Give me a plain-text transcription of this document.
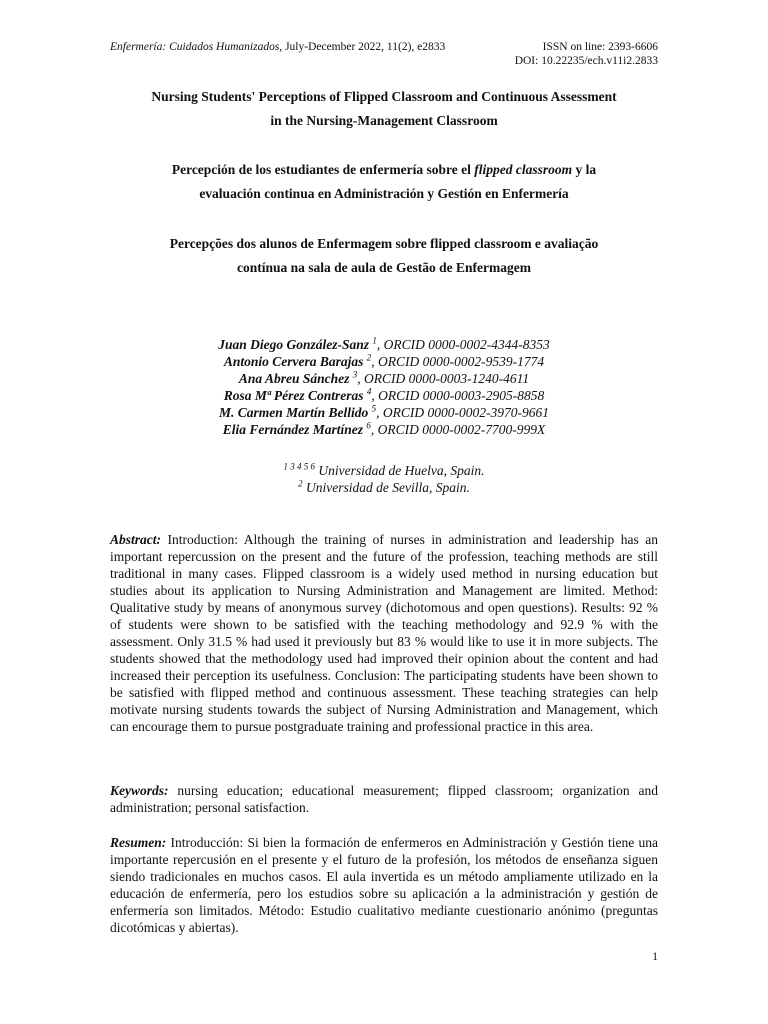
Enfermería: Cuidados Humanizados, July-December 2022, 11(2), e2833	ISSN on line: 2393-6606
DOI: 10.22235/ech.v11i2.2833
Nursing Students' Perceptions of Flipped Classroom and Continuous Assessment
in the Nursing-Management Classroom
Percepción de los estudiantes de enfermería sobre el flipped classroom y la
evaluación continua en Administración y Gestión en Enfermería
Percepções dos alunos de Enfermagem sobre flipped classroom e avaliação
contínua na sala de aula de Gestão de Enfermagem
Juan Diego González-Sanz $^1$, ORCID 0000-0002-4344-8353
Antonio Cervera Barajas $^2$, ORCID 0000-0002-9539-1774
Ana Abreu Sánchez $^3$, ORCID 0000-0003-1240-4611
Rosa Mª Pérez Contreras $^4$, ORCID 0000-0003-2905-8858
M. Carmen Martín Bellido $^5$, ORCID 0000-0002-3970-9661
Elia Fernández Martínez $^6$, ORCID 0000-0002-7700-999X
$^{1 3 4 5 6}$ Universidad de Huelva, Spain.
$^2$ Universidad de Sevilla, Spain.
Abstract: Introduction: Although the training of nurses in administration and leadership has an important repercussion on the present and the future of the profession, teaching methods are still traditional in many cases. Flipped classroom is a widely used method in nursing education but studies about its application to Nursing Administration and Management are limited. Method: Qualitative study by means of anonymous survey (dichotomous and open questions). Results: 92 % of students were shown to be satisfied with the teaching methodology and 92.9 % with the assessment. Only 31.5 % had used it previously but 83 % would like to use it in more subjects. The students showed that the methodology used had improved their opinion about the content and had increased their perception its usefulness. Conclusion: The participating students have been shown to be satisfied with flipped method and continuous assessment. These teaching strategies can help motivate nursing students towards the subject of Nursing Administration and Management, which can encourage them to pursue postgraduate training and professional practice in this area.
Keywords: nursing education; educational measurement; flipped classroom; organization and administration; personal satisfaction.
Resumen: Introducción: Si bien la formación de enfermeros en Administración y Gestión tiene una importante repercusión en el presente y el futuro de la profesión, los métodos de enseñanza siguen siendo tradicionales en muchos casos. El aula invertida es un método ampliamente utilizado en la educación de enfermería, pero los estudios sobre su aplicación a la administración y gestión de enfermería son limitados. Método: Estudio cualitativo mediante cuestionario anónimo (preguntas dicotómicas y abiertas).
1
